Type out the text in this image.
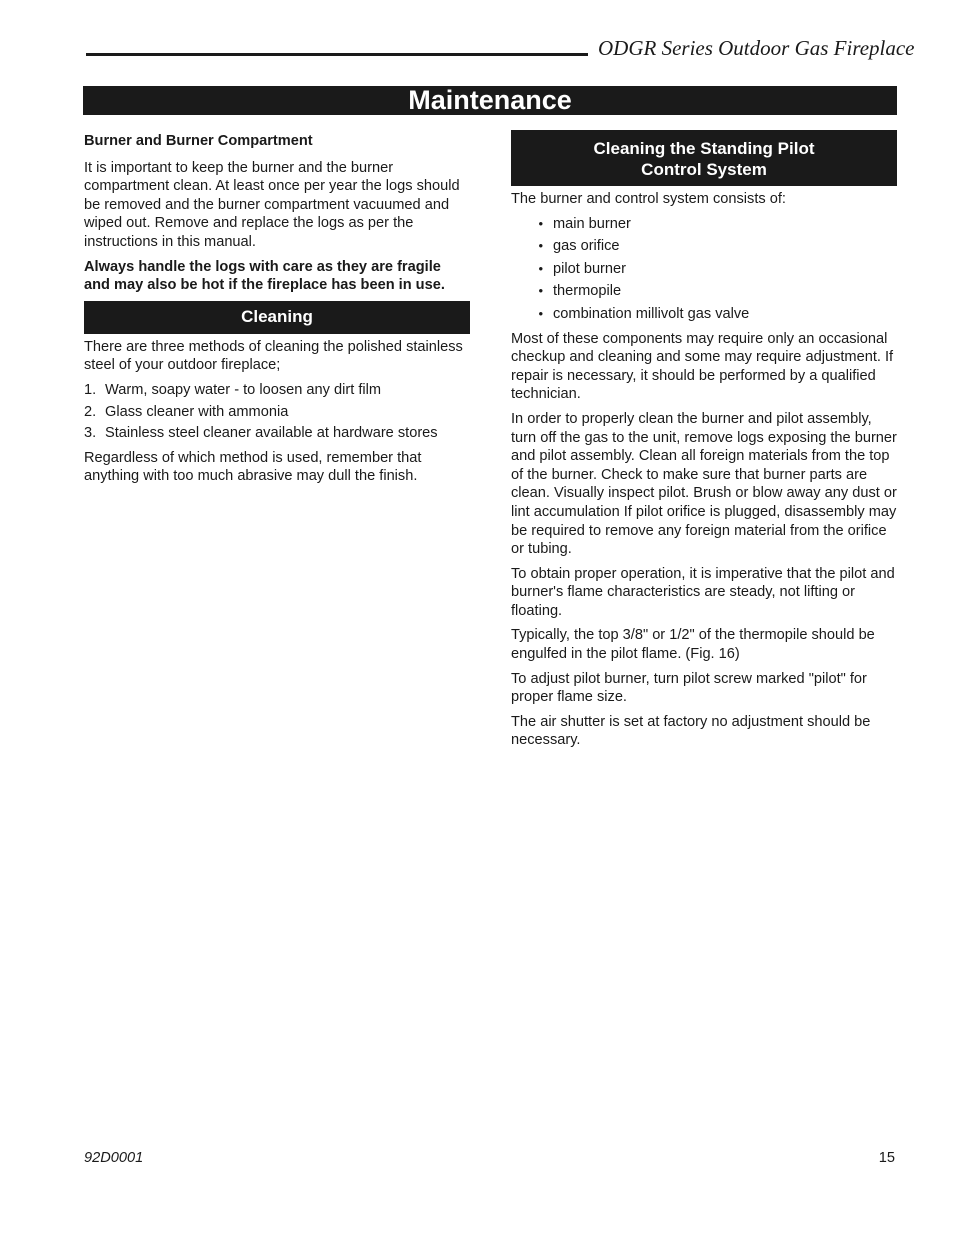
ODGR Series Outdoor Gas Fireplace
Maintenance

Burner and Burner Compartment

It is important to keep the burner and the burner compartment clean. At least once per year the logs should be removed and the burner compartment vacuumed and wiped out. Remove and replace the logs as per the instructions in this manual.

Always handle the logs with care as they are fragile and may also be hot if the fireplace has been in use.

Cleaning

There are three methods of cleaning the polished stainless steel of your outdoor fireplace;

1. Warm, soapy water - to loosen any dirt film
2. Glass cleaner with ammonia
3. Stainless steel cleaner available at hardware stores

Regardless of which method is used, remember that anything with too much abrasive may dull the finish.

Cleaning the Standing Pilot
Control System

The burner and control system consists of:

• main burner
• gas orifice
• pilot burner
• thermopile
• combination millivolt gas valve

Most of these components may require only an occasional checkup and cleaning and some may require adjustment. If repair is necessary, it should be performed by a qualified technician.

In order to properly clean the burner and pilot assembly, turn off the gas to the unit, remove logs exposing the burner and pilot assembly. Clean all foreign materials from the top of the burner. Check to make sure that burner parts are clean. Visually inspect pilot. Brush or blow away any dust or lint accumulation If pilot orifice is plugged, disassembly may be required to remove any foreign material from the orifice or tubing.

To obtain proper operation, it is imperative that the pilot and burner's flame characteristics are steady, not lifting or floating.

Typically, the top 3/8" or 1/2" of the thermopile should be engulfed in the pilot flame. (Fig. 16)

To adjust pilot burner, turn pilot screw marked "pilot" for proper flame size.

The air shutter is set at factory no adjustment should be necessary.

92D0001	15
